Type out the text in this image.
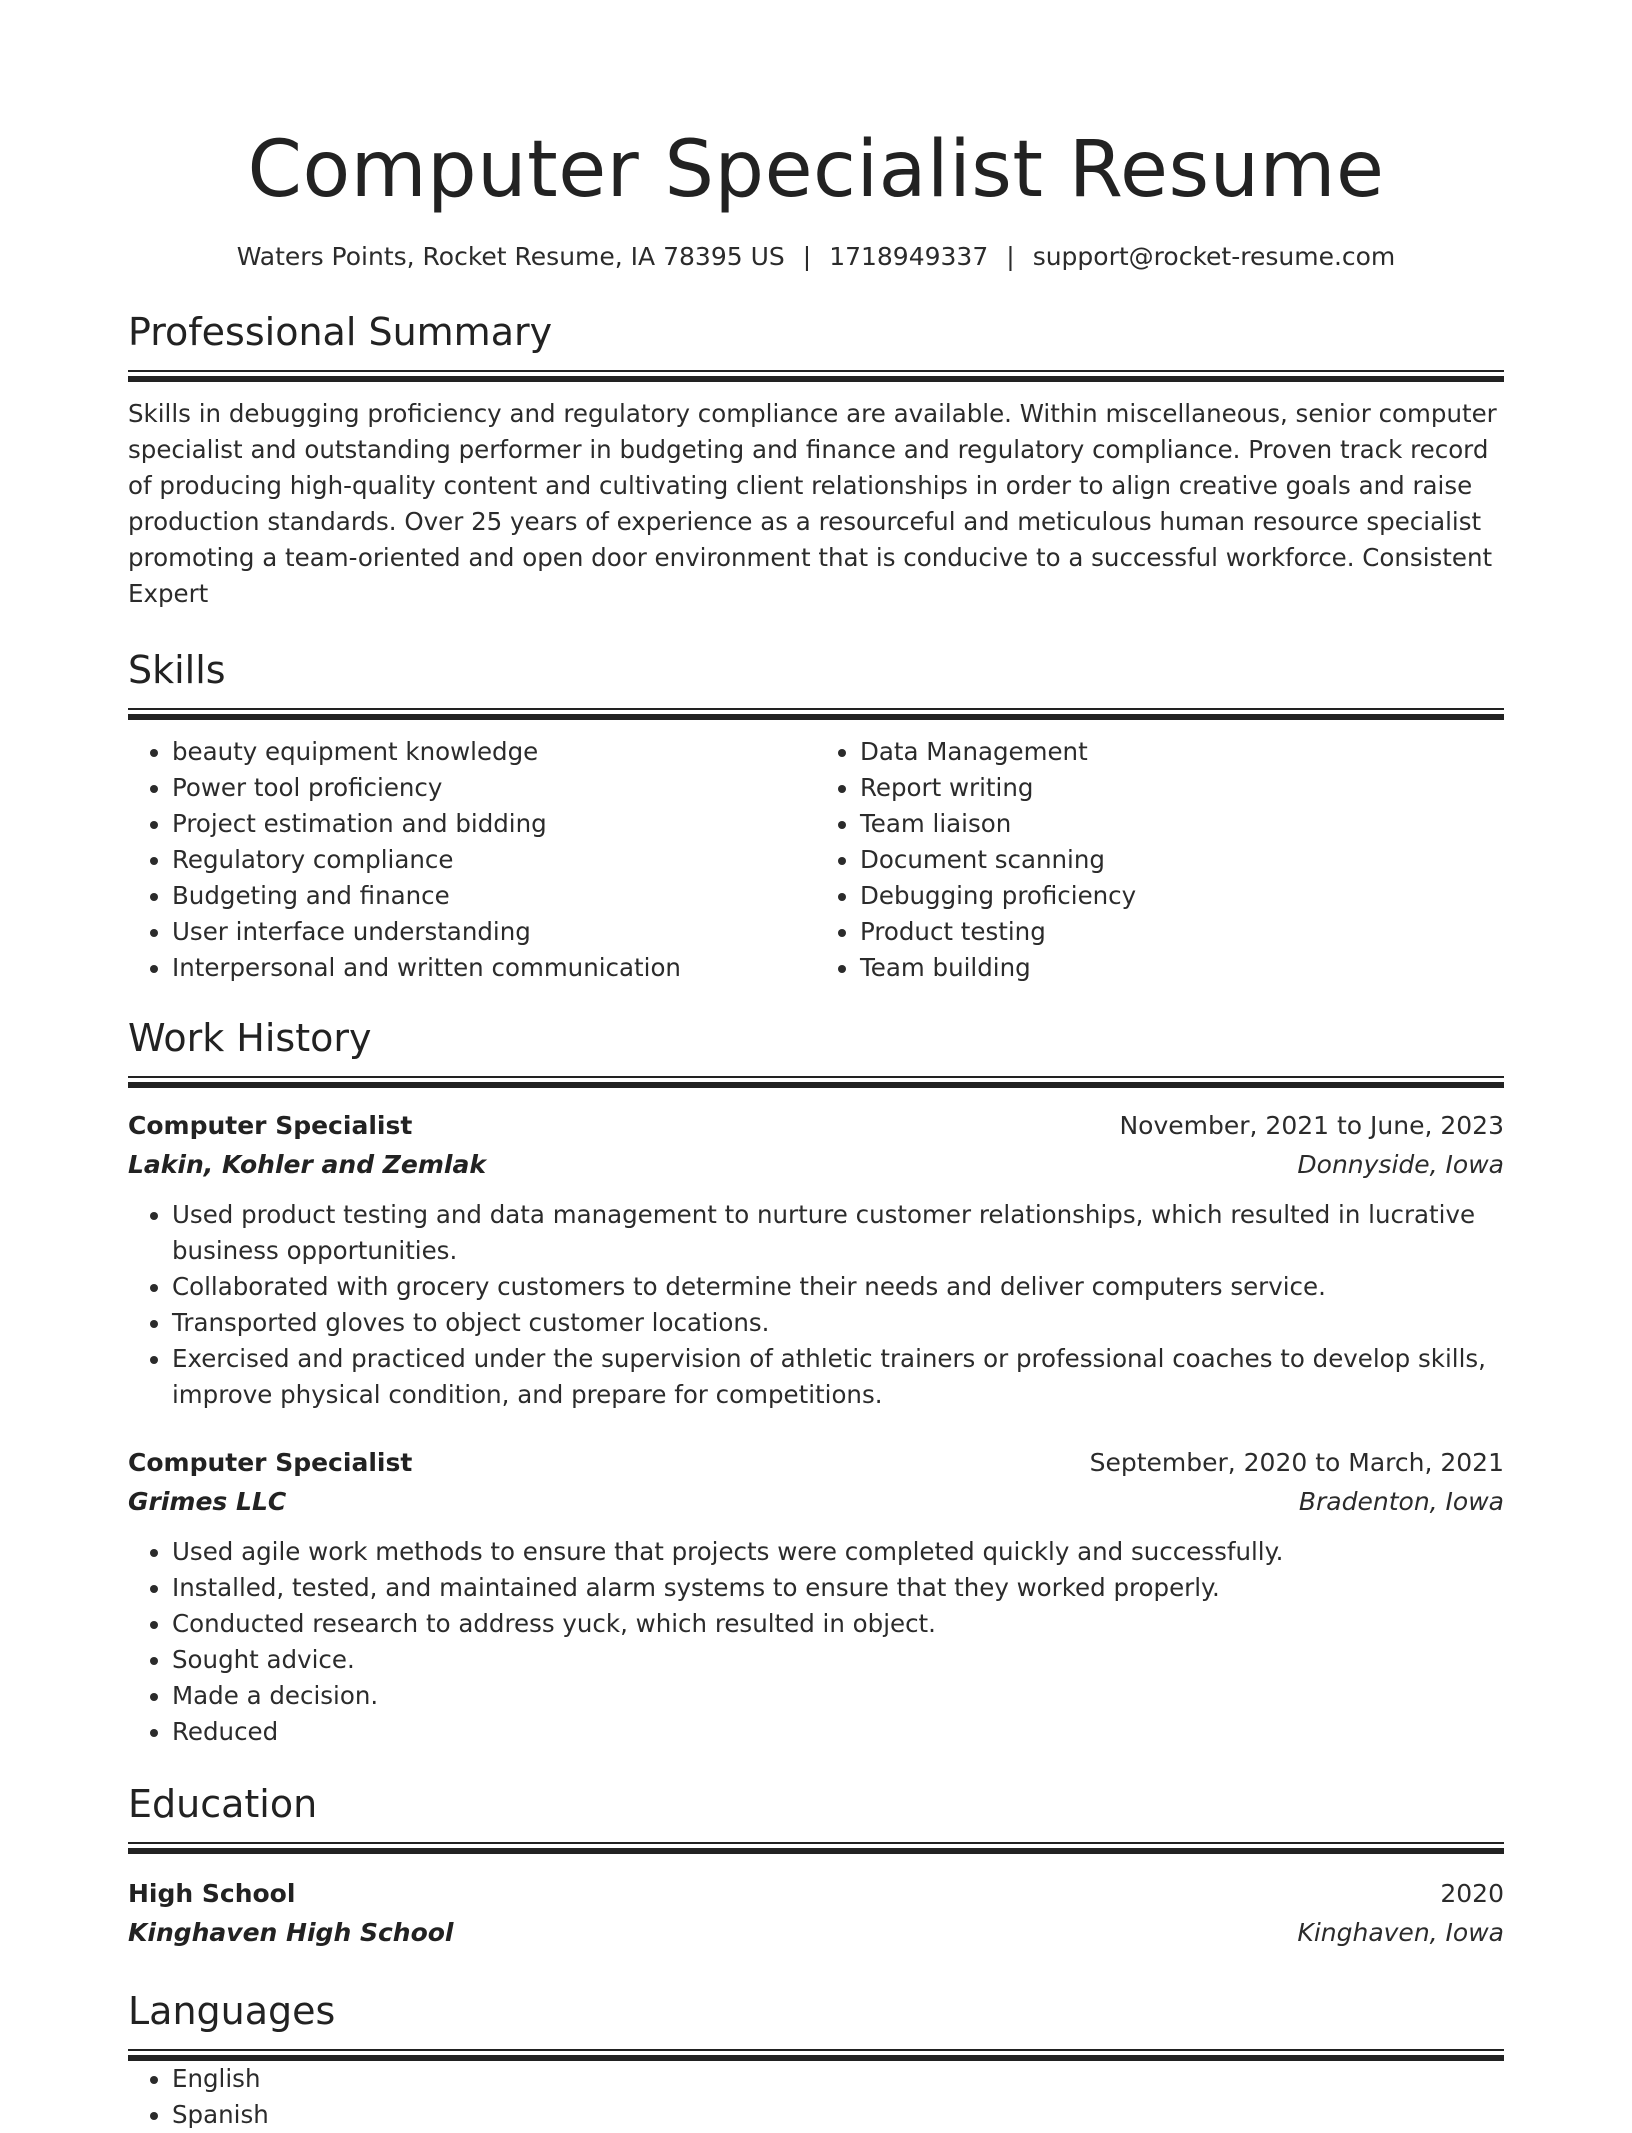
Computer Specialist Resume
Waters Points, Rocket Resume, IA 78395 US | 1718949337 | support@rocket-resume.com
Professional Summary

Skills in debugging proficiency and regulatory compliance are available. Within miscellaneous, senior computer specialist and outstanding performer in budgeting and finance and regulatory compliance. Proven track record of producing high-quality content and cultivating client relationships in order to align creative goals and raise production standards. Over 25 years of experience as a resourceful and meticulous human resource specialist promoting a team-oriented and open door environment that is conducive to a successful workforce. Consistent Expert

Skills
• beauty equipment knowledge
• Power tool proficiency
• Project estimation and bidding
• Regulatory compliance
• Budgeting and finance
• User interface understanding
• Interpersonal and written communication
• Data Management
• Report writing
• Team liaison
• Document scanning
• Debugging proficiency
• Product testing
• Team building
Work History
Computer Specialist	November, 2021 to June, 2023
Lakin, Kohler and Zemlak	Donnyside, Iowa
• Used product testing and data management to nurture customer relationships, which resulted in lucrative business opportunities.
• Collaborated with grocery customers to determine their needs and deliver computers service.
• Transported gloves to object customer locations.
• Exercised and practiced under the supervision of athletic trainers or professional coaches to develop skills, improve physical condition, and prepare for competitions.
Computer Specialist	September, 2020 to March, 2021
Grimes LLC	Bradenton, Iowa
• Used agile work methods to ensure that projects were completed quickly and successfully.
• Installed, tested, and maintained alarm systems to ensure that they worked properly.
• Conducted research to address yuck, which resulted in object.
• Sought advice.
• Made a decision.
• Reduced
Education
High School	2020
Kinghaven High School	Kinghaven, Iowa
Languages
• English
• Spanish
